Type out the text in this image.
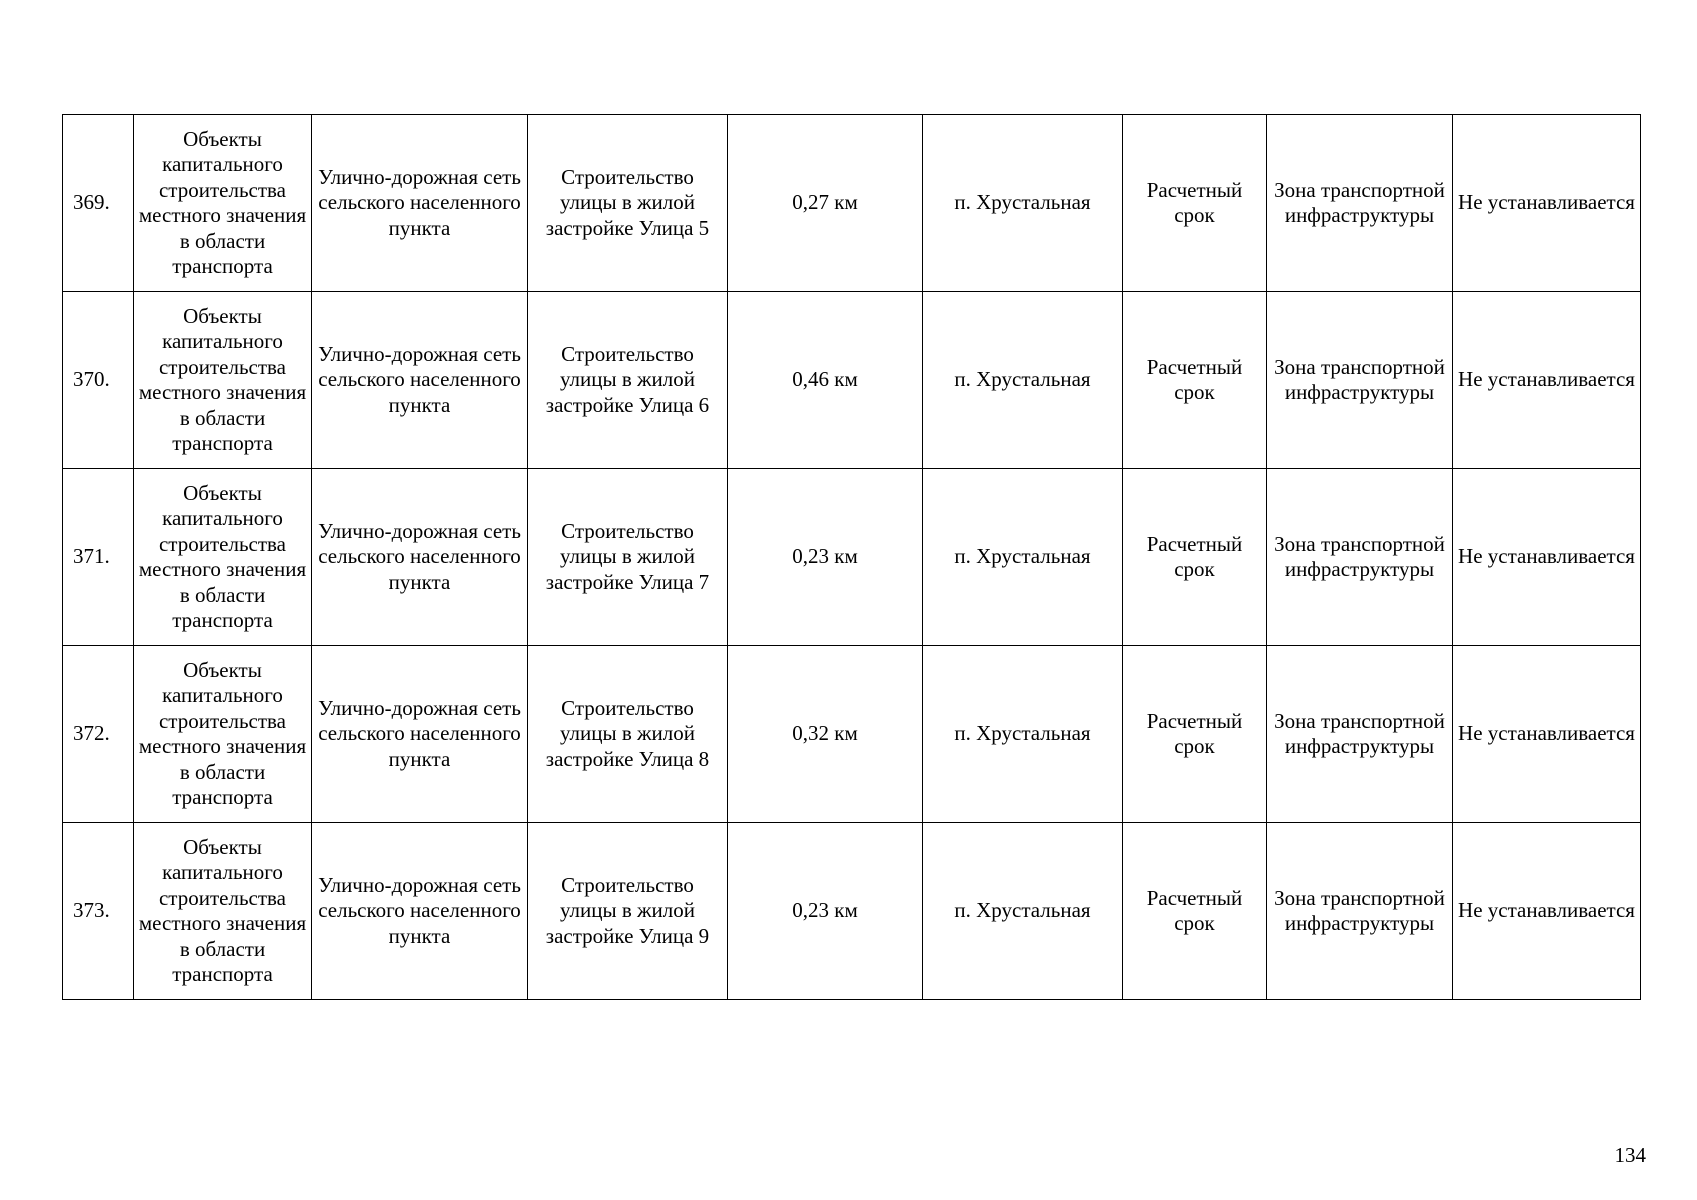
369.	Объекты капитального строительства местного значения в области транспорта	Улично-дорожная сеть сельского населенного пункта	Строительство улицы в жилой застройке Улица 5	0,27 км	п. Хрустальная	Расчетный срок	Зона транспортной инфраструктуры	Не устанавливается
370.	Объекты капитального строительства местного значения в области транспорта	Улично-дорожная сеть сельского населенного пункта	Строительство улицы в жилой застройке Улица 6	0,46 км	п. Хрустальная	Расчетный срок	Зона транспортной инфраструктуры	Не устанавливается
371.	Объекты капитального строительства местного значения в области транспорта	Улично-дорожная сеть сельского населенного пункта	Строительство улицы в жилой застройке Улица 7	0,23 км	п. Хрустальная	Расчетный срок	Зона транспортной инфраструктуры	Не устанавливается
372.	Объекты капитального строительства местного значения в области транспорта	Улично-дорожная сеть сельского населенного пункта	Строительство улицы в жилой застройке Улица 8	0,32 км	п. Хрустальная	Расчетный срок	Зона транспортной инфраструктуры	Не устанавливается
373.	Объекты капитального строительства местного значения в области транспорта	Улично-дорожная сеть сельского населенного пункта	Строительство улицы в жилой застройке Улица 9	0,23 км	п. Хрустальная	Расчетный срок	Зона транспортной инфраструктуры	Не устанавливается
134
